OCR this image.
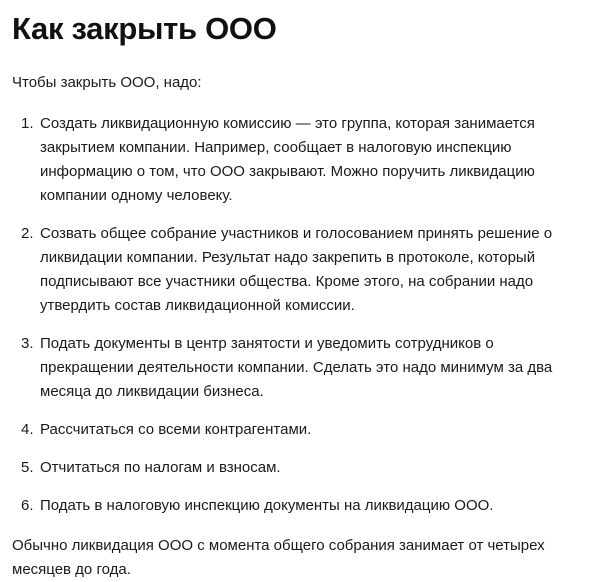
Как закрыть ООО

Чтобы закрыть ООО, надо:

1. Создать ликвидационную комиссию — это группа, которая занимается закрытием компании. Например, сообщает в налоговую инспекцию информацию о том, что ООО закрывают. Можно поручить ликвидацию компании одному человеку.
2. Созвать общее собрание участников и голосованием принять решение о ликвидации компании. Результат надо закрепить в протоколе, который подписывают все участники общества. Кроме этого, на собрании надо утвердить состав ликвидационной комиссии.
3. Подать документы в центр занятости и уведомить сотрудников о прекращении деятельности компании. Сделать это надо минимум за два месяца до ликвидации бизнеса.
4. Рассчитаться со всеми контрагентами.
5. Отчитаться по налогам и взносам.
6. Подать в налоговую инспекцию документы на ликвидацию ООО.

Обычно ликвидация ООО с момента общего собрания занимает от четырех месяцев до года.
